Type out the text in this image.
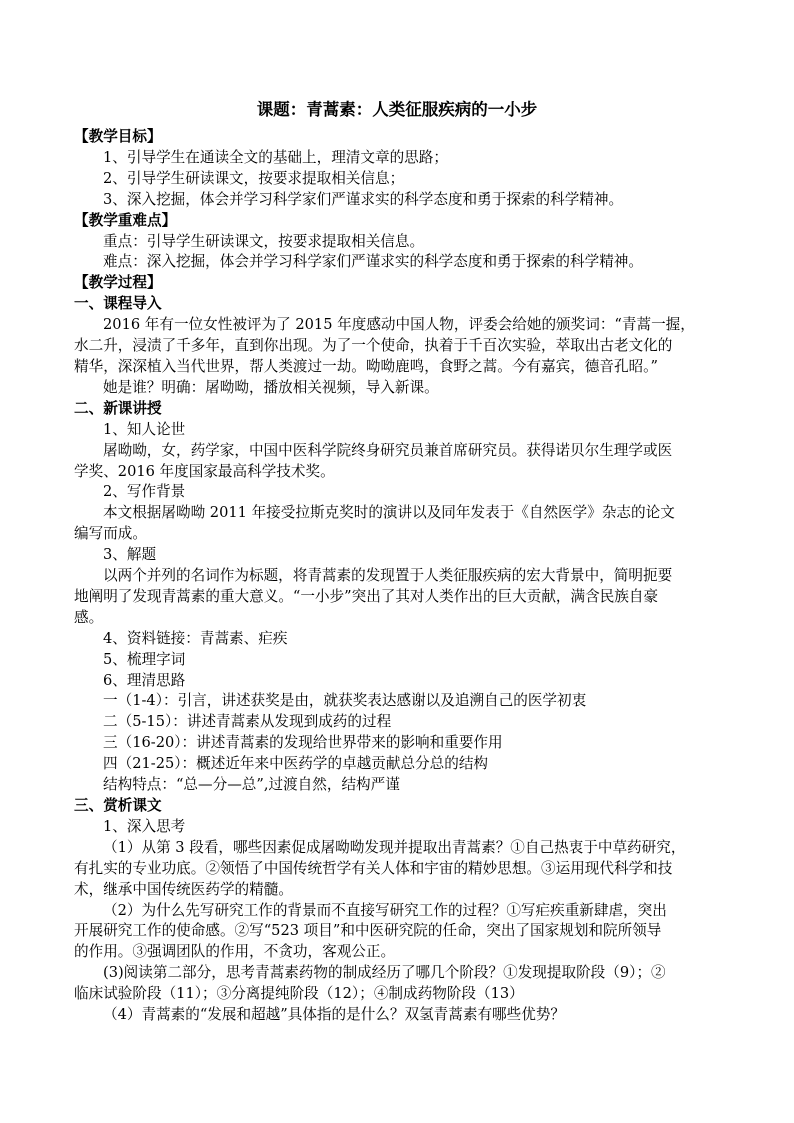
课题：青蒿素：人类征服疾病的一小步
【教学目标】
1、引导学生在通读全文的基础上，理清文章的思路；
2、引导学生研读课文，按要求提取相关信息；
3、深入挖掘，体会并学习科学家们严谨求实的科学态度和勇于探索的科学精神。
【教学重难点】
重点：引导学生研读课文，按要求提取相关信息。
难点：深入挖掘，体会并学习科学家们严谨求实的科学态度和勇于探索的科学精神。
【教学过程】
一、课程导入
2016 年有一位女性被评为了 2015 年度感动中国人物，评委会给她的颁奖词：“青蒿一握，
水二升，浸渍了千多年，直到你出现。为了一个使命，执着于千百次实验，萃取出古老文化的
精华，深深植入当代世界，帮人类渡过一劫。呦呦鹿鸣，食野之蒿。今有嘉宾，德音孔昭。”
她是谁？明确：屠呦呦，播放相关视频，导入新课。
二、新课讲授
1、知人论世
屠呦呦，女，药学家，中国中医科学院终身研究员兼首席研究员。获得诺贝尔生理学或医
学奖、2016 年度国家最高科学技术奖。
2、写作背景
本文根据屠呦呦 2011 年接受拉斯克奖时的演讲以及同年发表于《自然医学》杂志的论文
编写而成。
3、解题
以两个并列的名词作为标题，将青蒿素的发现置于人类征服疾病的宏大背景中，简明扼要
地阐明了发现青蒿素的重大意义。“一小步”突出了其对人类作出的巨大贡献，满含民族自豪
感。
4、资料链接：青蒿素、疟疾
5、梳理字词
6、理清思路
一（1-4）：引言，讲述获奖是由，就获奖表达感谢以及追溯自己的医学初衷
二（5-15）：讲述青蒿素从发现到成药的过程
三（16-20）：讲述青蒿素的发现给世界带来的影响和重要作用
四（21-25）：概述近年来中医药学的卓越贡献总分总的结构
结构特点：“总—分—总”,过渡自然，结构严谨
三、赏析课文
1、深入思考
（1）从第 3 段看，哪些因素促成屠呦呦发现并提取出青蒿素？①自己热衷于中草药研究，
有扎实的专业功底。②领悟了中国传统哲学有关人体和宇宙的精妙思想。③运用现代科学和技
术，继承中国传统医药学的精髓。
（2）为什么先写研究工作的背景而不直接写研究工作的过程？①写疟疾重新肆虐，突出
开展研究工作的使命感。②写“523 项目”和中医研究院的任命，突出了国家规划和院所领导
的作用。③强调团队的作用，不贪功，客观公正。
(3)阅读第二部分，思考青蒿素药物的制成经历了哪几个阶段？①发现提取阶段（9）；②
临床试验阶段（11）；③分离提纯阶段（12）；④制成药物阶段（13）
（4）青蒿素的“发展和超越”具体指的是什么？双氢青蒿素有哪些优势？
